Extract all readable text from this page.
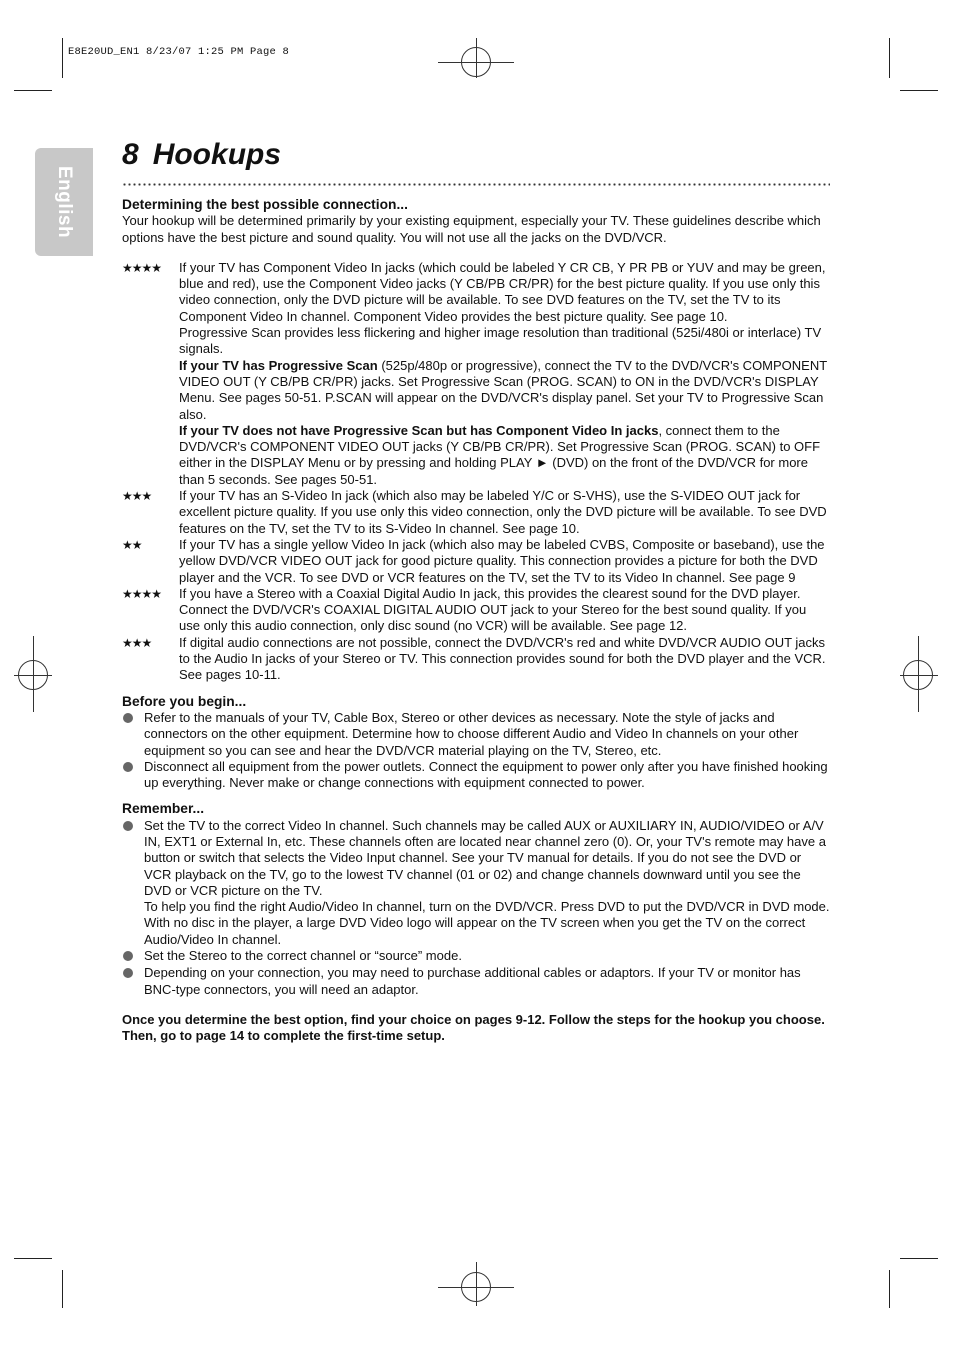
E8E20UD_EN1 8/23/07 1:25 PM Page 8
English
8 Hookups

Determining the best possible connection...

Your hookup will be determined primarily by your existing equipment, especially your TV. These guidelines describe which options have the best picture and sound quality. You will not use all the jacks on the DVD/VCR.

★★★★	If your TV has Component Video In jacks (which could be labeled Y CR CB, Y PR PB or YUV and may be green, blue and red), use the Component Video jacks (Y CB/PB CR/PR) for the best picture quality. If you use only this video connection, only the DVD picture will be available. To see DVD features on the TV, set the TV to its Component Video In channel. Component Video provides the best picture quality. See page 10.

Progressive Scan provides less flickering and higher image resolution than traditional (525i/480i or interlace) TV signals.

If your TV has Progressive Scan (525p/480p or progressive), connect the TV to the DVD/VCR's COMPONENT VIDEO OUT (Y CB/PB CR/PR) jacks. Set Progressive Scan (PROG. SCAN) to ON in the DVD/VCR's DISPLAY Menu. See pages 50-51. P.SCAN will appear on the DVD/VCR's display panel. Set your TV to Progressive Scan also.

If your TV does not have Progressive Scan but has Component Video In jacks, connect them to the DVD/VCR's COMPONENT VIDEO OUT jacks (Y CB/PB CR/PR). Set Progressive Scan (PROG. SCAN) to OFF either in the DISPLAY Menu or by pressing and holding PLAY ► (DVD) on the front of the DVD/VCR for more than 5 seconds. See pages 50-51.

★★★	If your TV has an S-Video In jack (which also may be labeled Y/C or S-VHS), use the S-VIDEO OUT jack for excellent picture quality. If you use only this video connection, only the DVD picture will be available. To see DVD features on the TV, set the TV to its S-Video In channel. See page 10.
★★	If your TV has a single yellow Video In jack (which also may be labeled CVBS, Composite or baseband), use the yellow DVD/VCR VIDEO OUT jack for good picture quality. This connection provides a picture for both the DVD player and the VCR. To see DVD or VCR features on the TV, set the TV to its Video In channel. See page 9
★★★★	If you have a Stereo with a Coaxial Digital Audio In jack, this provides the clearest sound for the DVD player. Connect the DVD/VCR's COAXIAL DIGITAL AUDIO OUT jack to your Stereo for the best sound quality. If you use only this audio connection, only disc sound (no VCR) will be available. See page 12.
★★★	If digital audio connections are not possible, connect the DVD/VCR's red and white DVD/VCR AUDIO OUT jacks to the Audio In jacks of your Stereo or TV. This connection provides sound for both the DVD player and the VCR. See pages 10-11.

Before you begin...

Refer to the manuals of your TV, Cable Box, Stereo or other devices as necessary. Note the style of jacks and connectors on the other equipment. Determine how to choose different Audio and Video In channels on your other equipment so you can see and hear the DVD/VCR material playing on the TV, Stereo, etc.
Disconnect all equipment from the power outlets. Connect the equipment to power only after you have finished hooking up everything. Never make or change connections with equipment connected to power.

Remember...

Set the TV to the correct Video In channel. Such channels may be called AUX or AUXILIARY IN, AUDIO/VIDEO or A/V IN, EXT1 or External In, etc. These channels often are located near channel zero (0). Or, your TV's remote may have a button or switch that selects the Video Input channel. See your TV manual for details. If you do not see the DVD or VCR playback on the TV, go to the lowest TV channel (01 or 02) and change channels downward until you see the DVD or VCR picture on the TV.

To help you find the right Audio/Video In channel, turn on the DVD/VCR. Press DVD to put the DVD/VCR in DVD mode. With no disc in the player, a large DVD Video logo will appear on the TV screen when you get the TV on the correct Audio/Video In channel.

Set the Stereo to the correct channel or “source” mode.
Depending on your connection, you may need to purchase additional cables or adaptors. If your TV or monitor has BNC-type connectors, you will need an adaptor.

Once you determine the best option, find your choice on pages 9-12. Follow the steps for the hookup you choose. Then, go to page 14 to complete the first-time setup.
